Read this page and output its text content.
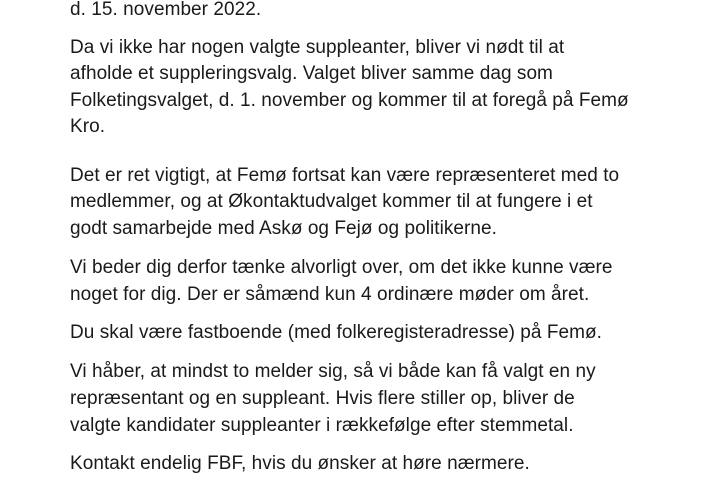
d. 15. november 2022.

Da vi ikke har nogen valgte suppleanter, bliver vi nødt til at

afholde et suppleringsvalg. Valget bliver samme dag som

Folketingsvalget, d. 1. november og kommer til at foregå på Femø

Kro.

Det er ret vigtigt, at Femø fortsat kan være repræsenteret med to

medlemmer, og at Økontaktudvalget kommer til at fungere i et

godt samarbejde med Askø og Fejø og politikerne.

Vi beder dig derfor tænke alvorligt over, om det ikke kunne være

noget for dig. Der er såmænd kun 4 ordinære møder om året.

Du skal være fastboende (med folkeregisteradresse) på Femø.

Vi håber, at mindst to melder sig, så vi både kan få valgt en ny

repræsentant og en suppleant. Hvis flere stiller op, bliver de

valgte kandidater suppleanter i rækkefølge efter stemmetal.

Kontakt endelig FBF, hvis du ønsker at høre nærmere.
